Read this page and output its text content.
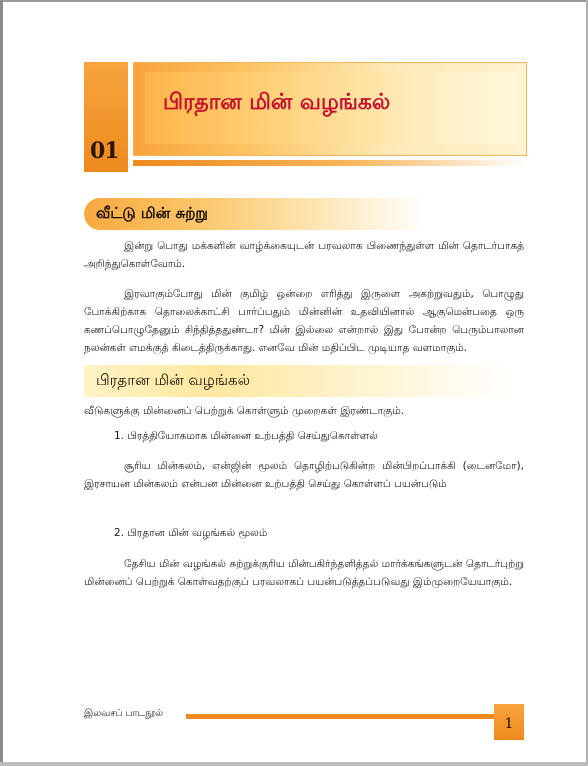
01
பிரதான மின் வழங்கல்
வீட்டு மின் சுற்று
இன்று பொது மக்களின் வாழ்க்கையுடன் பரவலாக பிணைந்துள்ள மின் தொடர்பாகத் அறிந்துகொள்வோம்.
இரவாகும்போது மின் குமிழ் ஒன்றை எரித்து இருளை அகற்றுவதும், பொழுது போக்கிற்காக தொலைக்காட்சி பார்ப்பதும் மின்னின் உதவியினால் ஆகுமென்பதை ஒரு கணப்பொழுதேனும் சிந்தித்ததுண்டா? மின் இல்லை என்றால் இது போன்ற பெரும்பாலான நலன்கள் எமக்குத் கிடைத்திருக்காது. எனவே மின் மதிப்பிட முடியாத வளமாகும்.
பிரதான மின் வழங்கல்
வீடுகளுக்கு மின்னைப் பெற்றுக் கொள்ளும் முறைகள் இரண்டாகும்.
1. பிரத்தியோகமாக மின்னை உற்பத்தி செய்துகொள்ளல்
சூரிய மின்கலம், என்ஜின் மூலம் தொழிற்படுகின்ற மின்பிறப்பாக்கி (டைனமோ), இரசாயன மின்கலம் என்பன மின்னை உற்பத்தி செய்து கொள்ளப் பயன்படும்
2. பிரதான மின் வழங்கல் மூலம்
தேசிய மின் வழங்கல் சுற்றுக்குரிய மின்பகிர்ந்தளித்தல் மார்க்கங்களுடன் தொடர்புற்று மின்னைப் பெற்றுக் கொள்வதற்குப் பரவலாகப் பயன்படுத்தப்படுவது இம்முறையேயாகும்.
இலவசப் பாடநூல்
1
